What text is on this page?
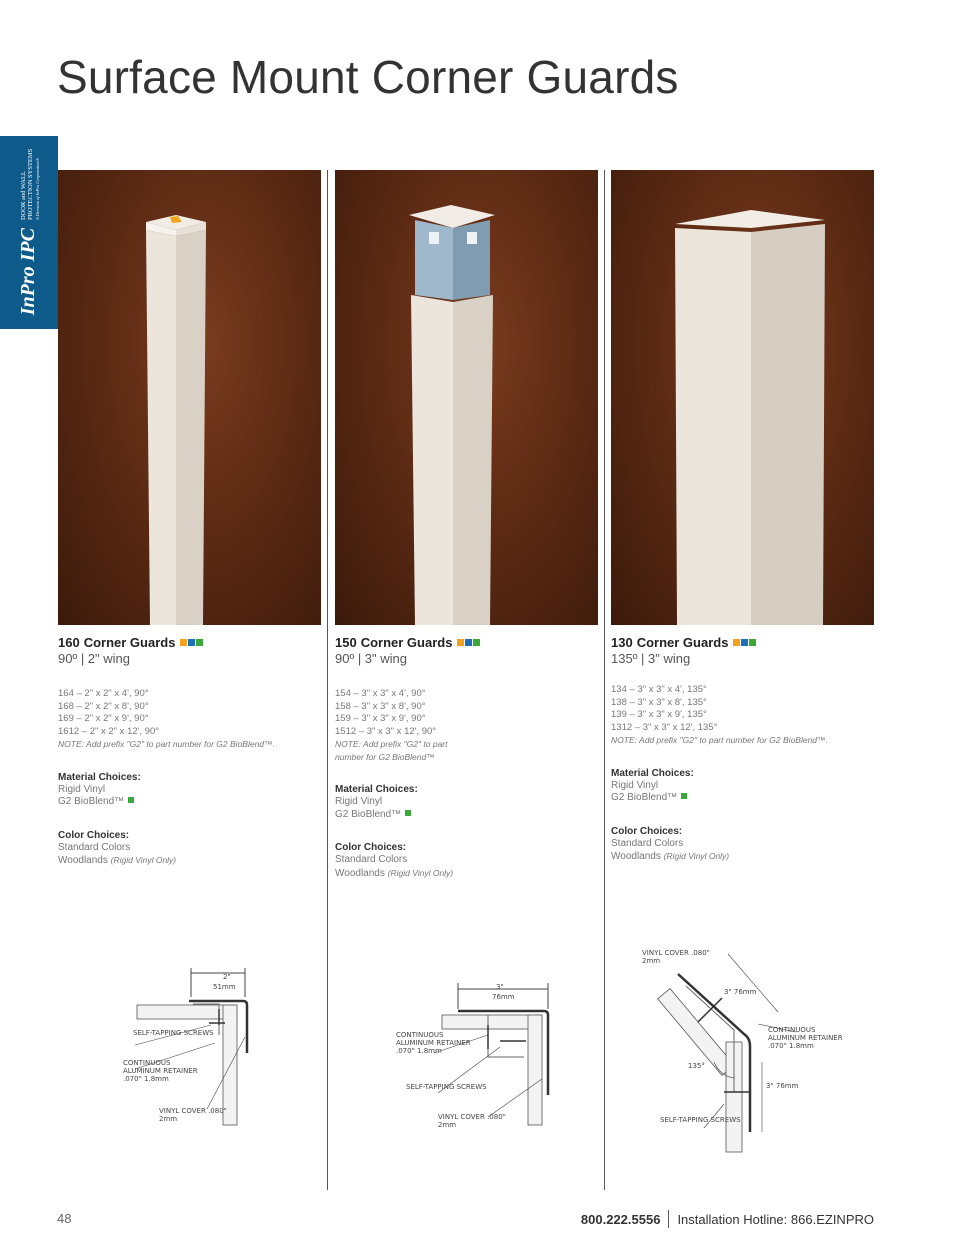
Surface Mount Corner Guards
InPro IPC DOOR and WALL
PROTECTION SYSTEMS A Division of InPro Corporation®
160 Corner Guards
90º | 2" wing
164 – 2" x 2" x 4', 90°
168 – 2" x 2" x 8', 90°
169 – 2" x 2" x 9', 90°
1612 – 2" x 2" x 12', 90°
NOTE: Add prefix "G2" to part number for G2 BioBlend™.
Material Choices:
Rigid Vinyl
G2 BioBlend™
Color Choices:
Standard Colors
Woodlands (Rigid Vinyl Only)
150 Corner Guards
90º | 3" wing
154 – 3" x 3" x 4', 90°
158 – 3" x 3" x 8', 90°
159 – 3" x 3" x 9', 90°
1512 – 3" x 3" x 12', 90°
NOTE: Add prefix "G2" to part number for G2 BioBlend™
Material Choices:
Rigid Vinyl
G2 BioBlend™
Color Choices:
Standard Colors
Woodlands (Rigid Vinyl Only)
130 Corner Guards
135º | 3" wing
134 – 3" x 3" x 4', 135°
138 – 3" x 3" x 8', 135°
139 – 3" x 3" x 9', 135°
1312 – 3" x 3" x 12', 135°
NOTE: Add prefix "G2" to part number for G2 BioBlend™.
Material Choices:
Rigid Vinyl
G2 BioBlend™
Color Choices:
Standard Colors
Woodlands (Rigid Vinyl Only)
2"
51mm
SELF-TAPPING SCREWS
CONTINUOUS ALUMINUM RETAINER .070" 1.8mm
VINYL COVER .080" 2mm
3"
76mm
CONTINUOUS ALUMINUM RETAINER .070" 1.8mm
SELF-TAPPING SCREWS
VINYL COVER .080" 2mm
VINYL COVER .080" 2mm
3" 76mm
CONTINUOUS ALUMINUM RETAINER .070" 1.8mm
135°
3" 76mm
SELF-TAPPING SCREWS
48	800.222.5556 Installation Hotline: 866.EZINPRO
